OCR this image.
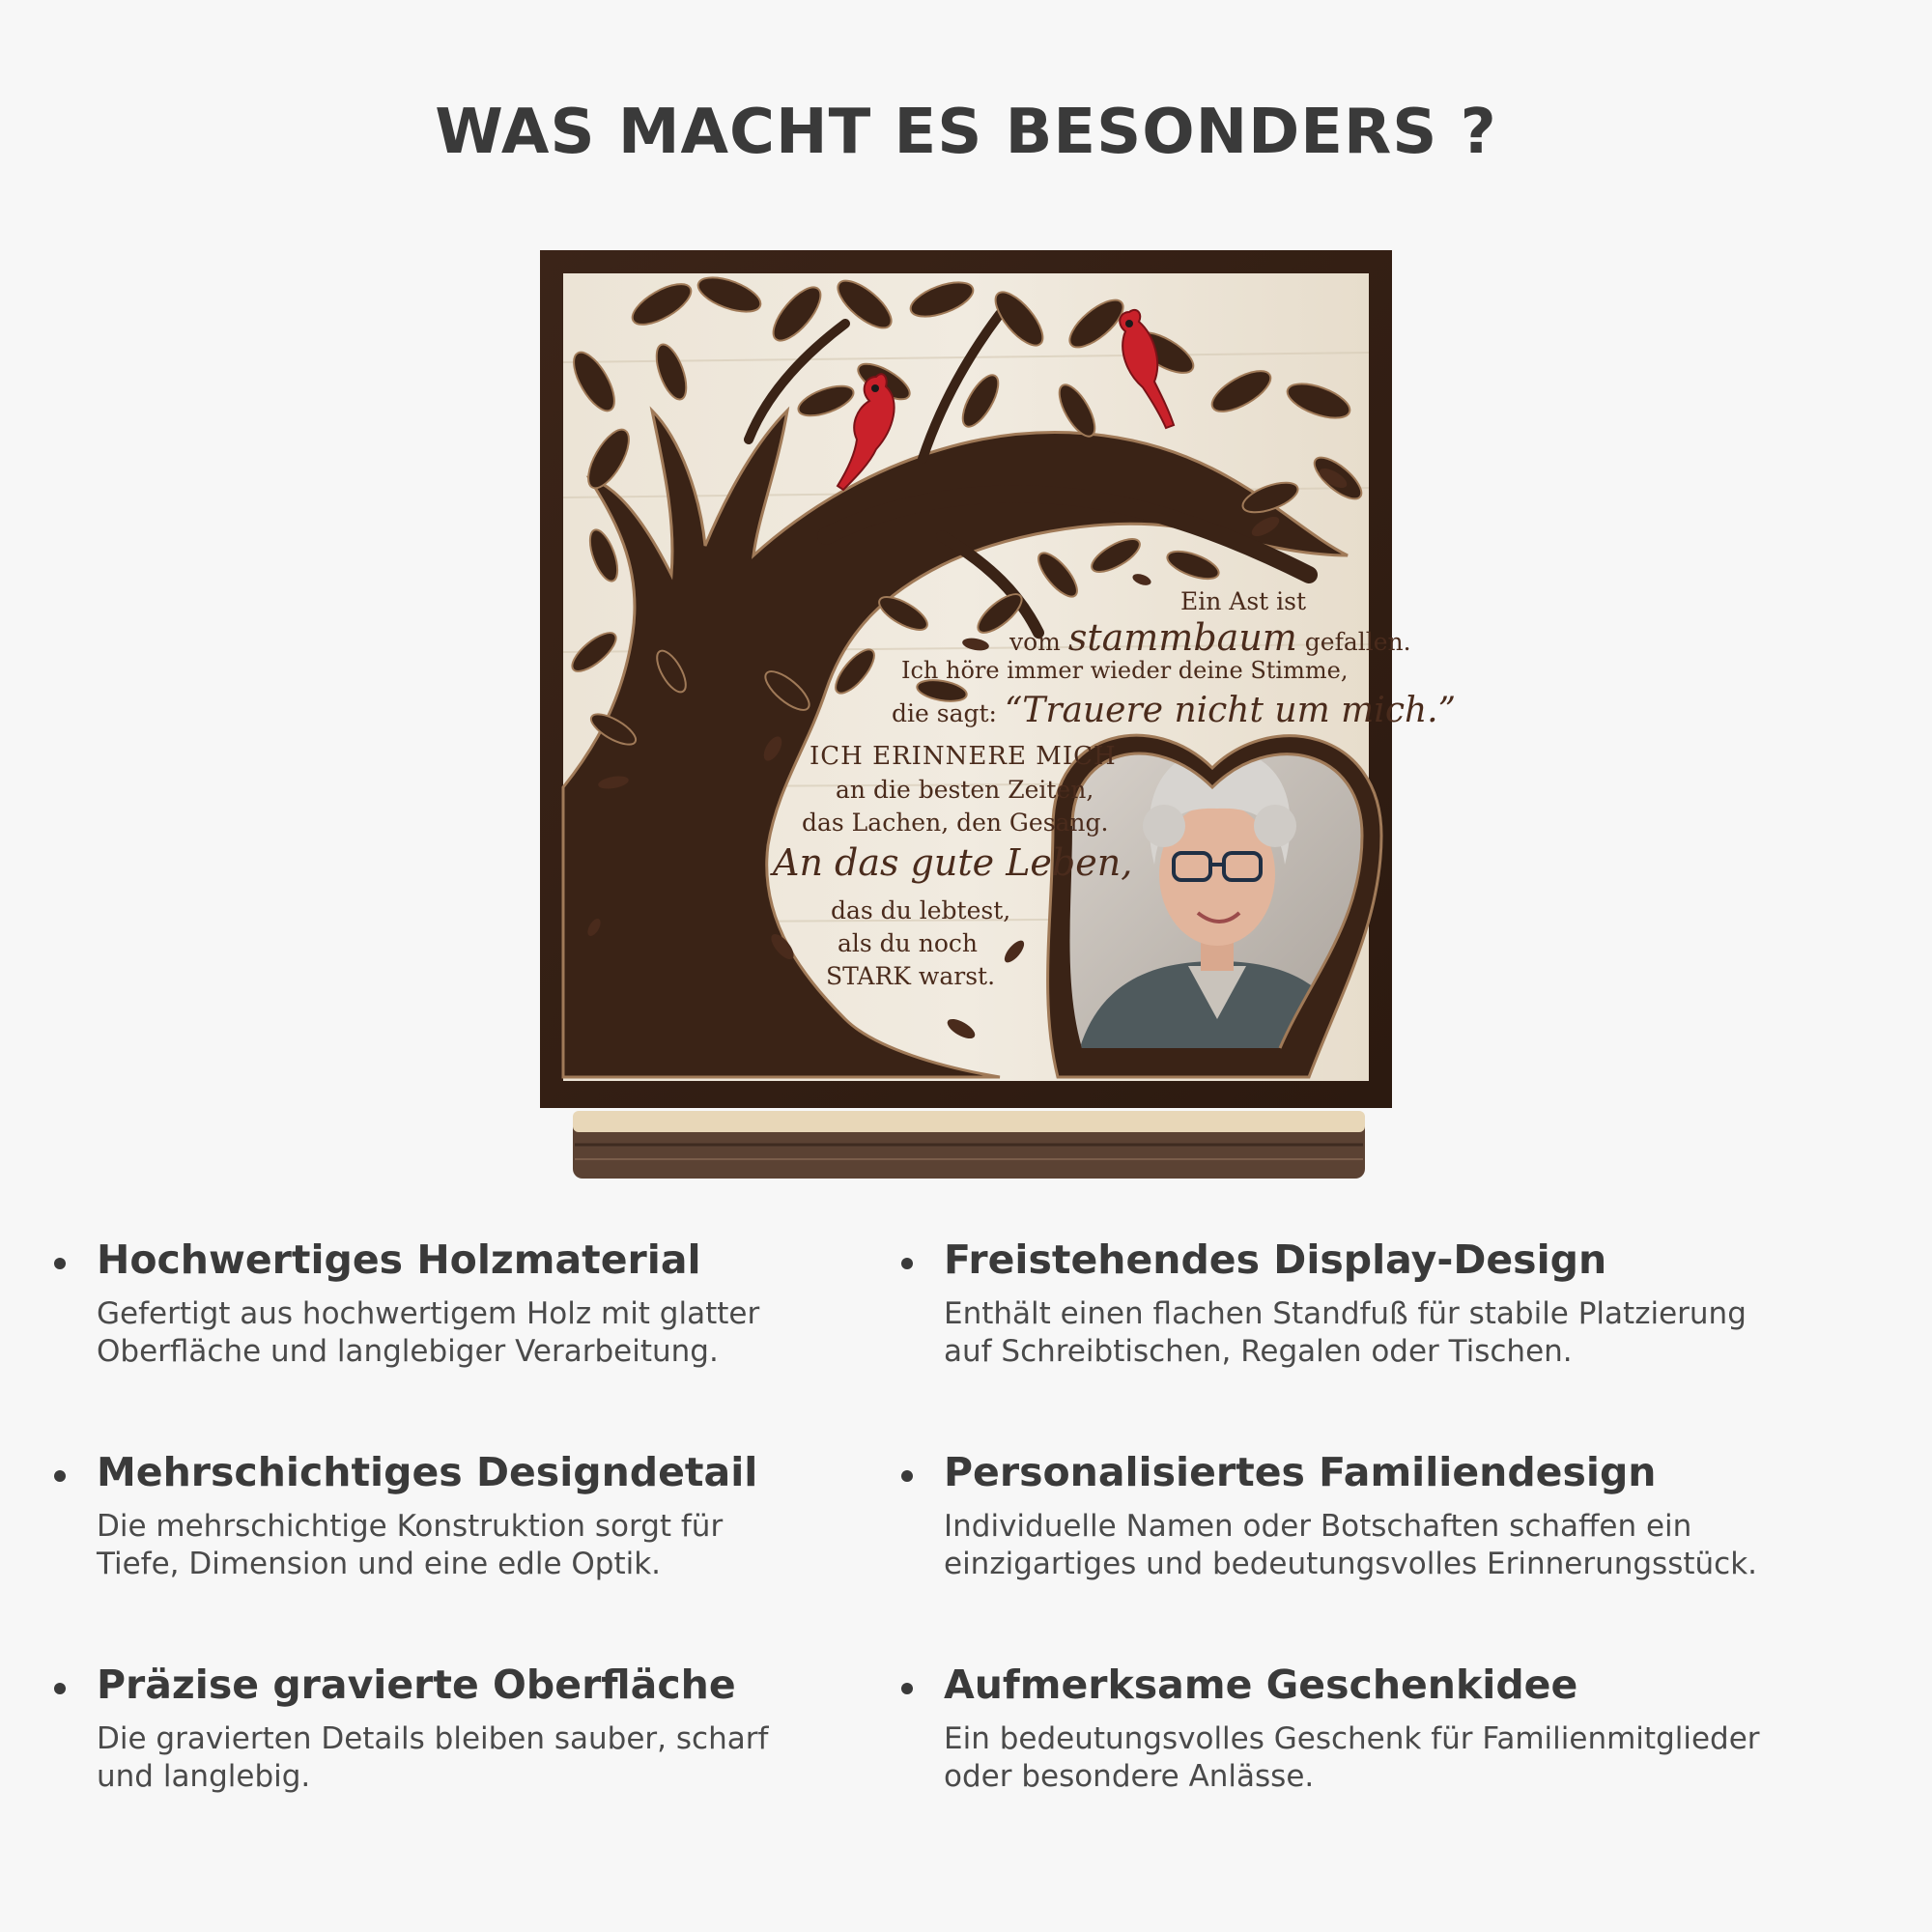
WAS MACHT ES BESONDERS ?
Ein Ast ist
vom stammbaum gefallen.
Ich höre immer wieder deine Stimme,
die sagt: “Trauere nicht um mich.”
ICH ERINNERE MICH
an die besten Zeiten,
das Lachen, den Gesang.
An das gute Leben,
das du lebtest,
als du noch
STARK warst.
Hochwertiges Holzmaterial

Gefertigt aus hochwertigem Holz mit glatter
Oberfläche und langlebiger Verarbeitung.

Freistehendes Display-Design

Enthält einen flachen Standfuß für stabile Platzierung
auf Schreibtischen, Regalen oder Tischen.

Mehrschichtiges Designdetail

Die mehrschichtige Konstruktion sorgt für
Tiefe, Dimension und eine edle Optik.

Personalisiertes Familiendesign

Individuelle Namen oder Botschaften schaffen ein
einzigartiges und bedeutungsvolles Erinnerungsstück.

Präzise gravierte Oberfläche

Die gravierten Details bleiben sauber, scharf
und langlebig.

Aufmerksame Geschenkidee

Ein bedeutungsvolles Geschenk für Familienmitglieder
oder besondere Anlässe.
